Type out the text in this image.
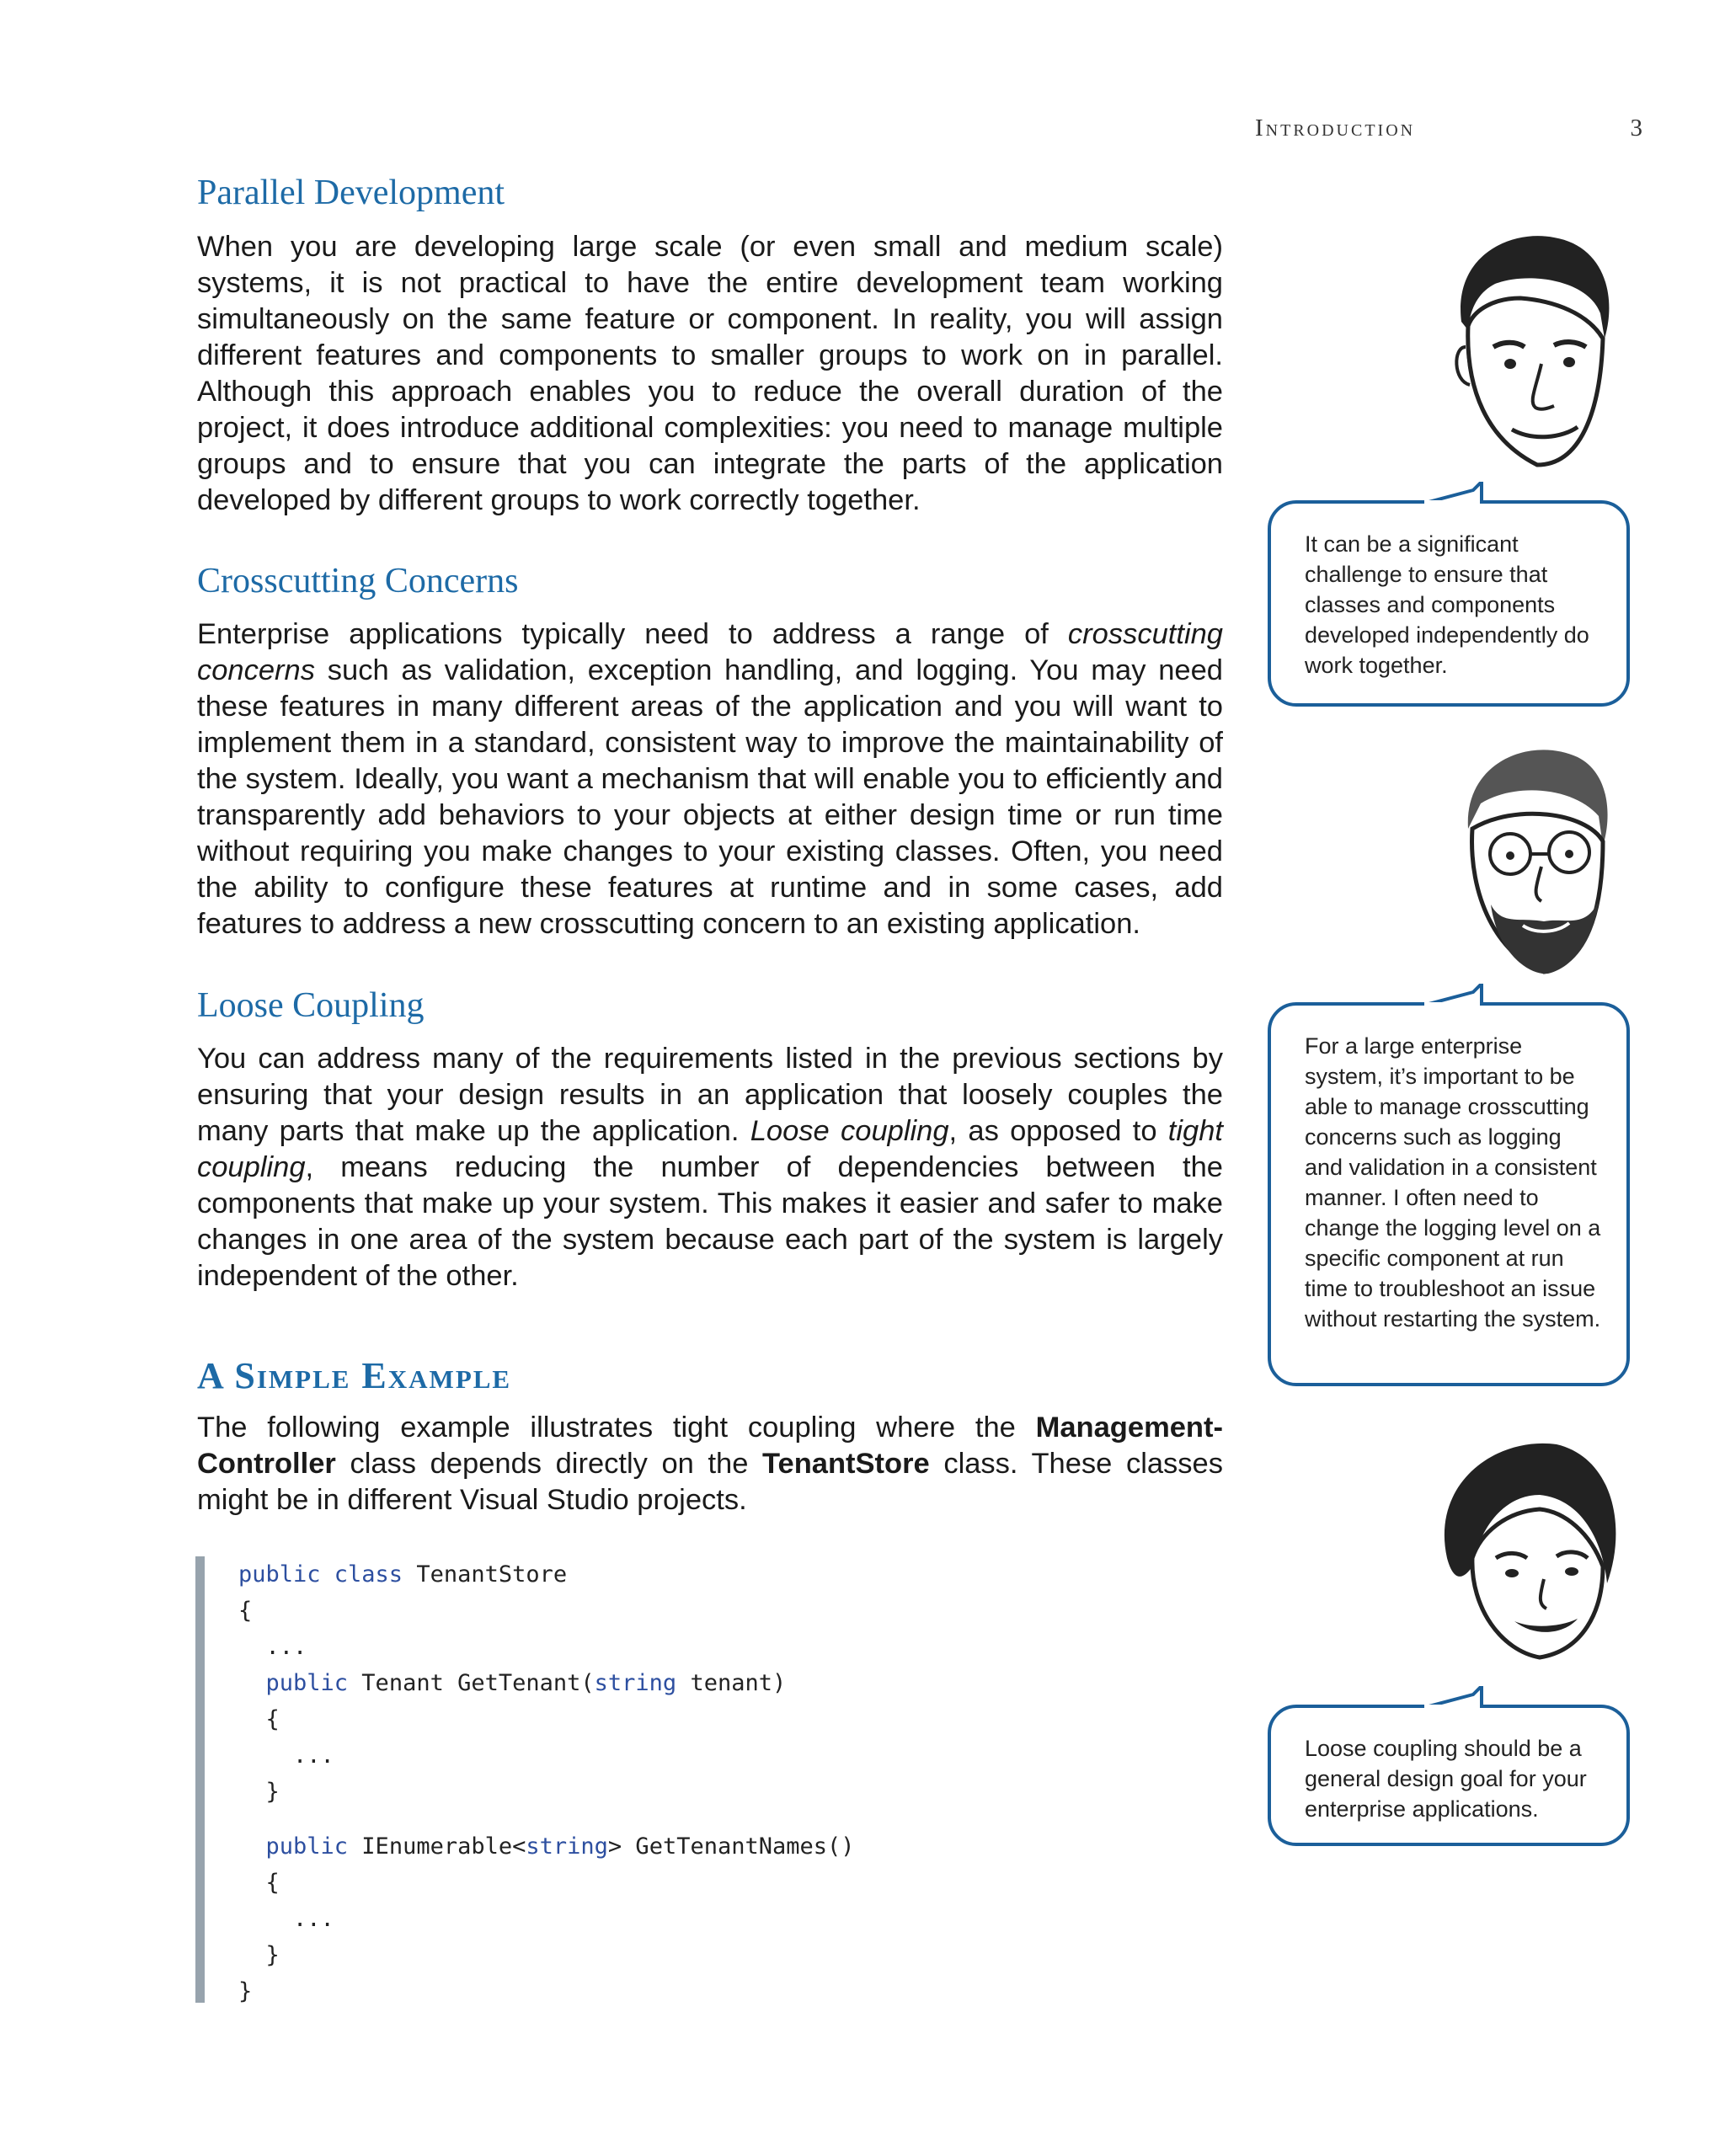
Introduction	3
Parallel Development

When you are developing large scale (or even small and medium scale) systems, it is not practical to have the entire development team working simultaneously on the same feature or component. In reality, you will assign different features and components to smaller groups to work on in parallel. Although this approach enables you to reduce the overall duration of the project, it does introduce additional complexities: you need to manage multiple groups and to ensure that you can integrate the parts of the application developed by different groups to work correctly together.

Crosscutting Concerns

Enterprise applications typically need to address a range of crosscutting concerns such as validation, exception handling, and logging. You may need these features in many different areas of the application and you will want to implement them in a standard, consistent way to improve the maintainability of the system. Ideally, you want a mechanism that will enable you to efficiently and transparently add behaviors to your objects at either design time or run time without requiring you make changes to your existing classes. Often, you need the ability to configure these features at runtime and in some cases, add features to address a new crosscutting concern to an existing application.

Loose Coupling

You can address many of the requirements listed in the previous sections by ensuring that your design results in an application that loosely couples the many parts that make up the application. Loose coupling, as opposed to tight coupling, means reducing the number of dependencies between the components that make up your system. This makes it easier and safer to make changes in one area of the system because each part of the system is largely independent of the other.

A Simple Example

The following example illustrates tight coupling where the ManagementController class depends directly on the TenantStore class. These classes might be in different Visual Studio projects.

public class TenantStore
{
...
public Tenant GetTenant(string tenant)
{
...
}
public IEnumerable<string> GetTenantNames()
{
...
}
}
It can be a significant challenge to ensure that classes and components developed independently do work together.
For a large enterprise system, it’s important to be able to manage crosscutting concerns such as logging and validation in a consistent manner. I often need to change the logging level on a specific component at run time to troubleshoot an issue without restarting the system.
Loose coupling should be a general design goal for your enterprise applications.
